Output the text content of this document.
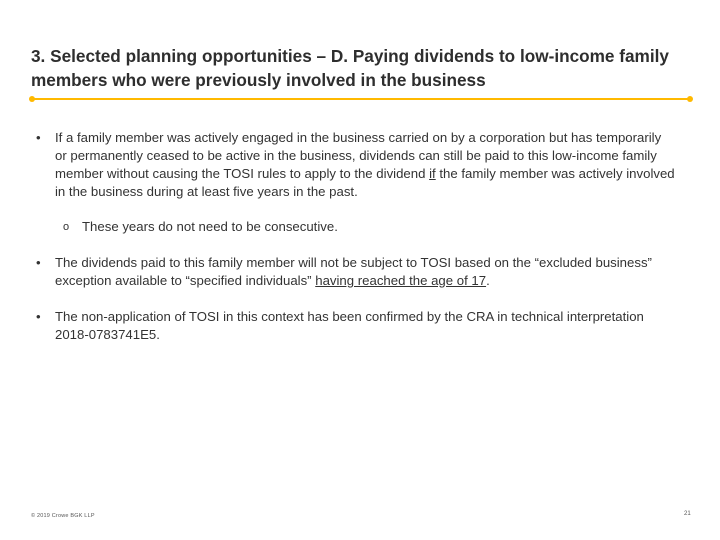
3. Selected planning opportunities – D. Paying dividends to low-income family members who were previously involved in the business
•	If a family member was actively engaged in the business carried on by a corporation but has temporarily or permanently ceased to be active in the business, dividends can still be paid to this low-income family member without causing the TOSI rules to apply to the dividend if the family member was actively involved in the business during at least five years in the past.
o These years do not need to be consecutive.
•	The dividends paid to this family member will not be subject to TOSI based on the “excluded business” exception available to “specified individuals” having reached the age of 17.
•	The non-application of TOSI in this context has been confirmed by the CRA in technical interpretation 2018-0783741E5.
© 2019 Crowe BGK LLP	21
